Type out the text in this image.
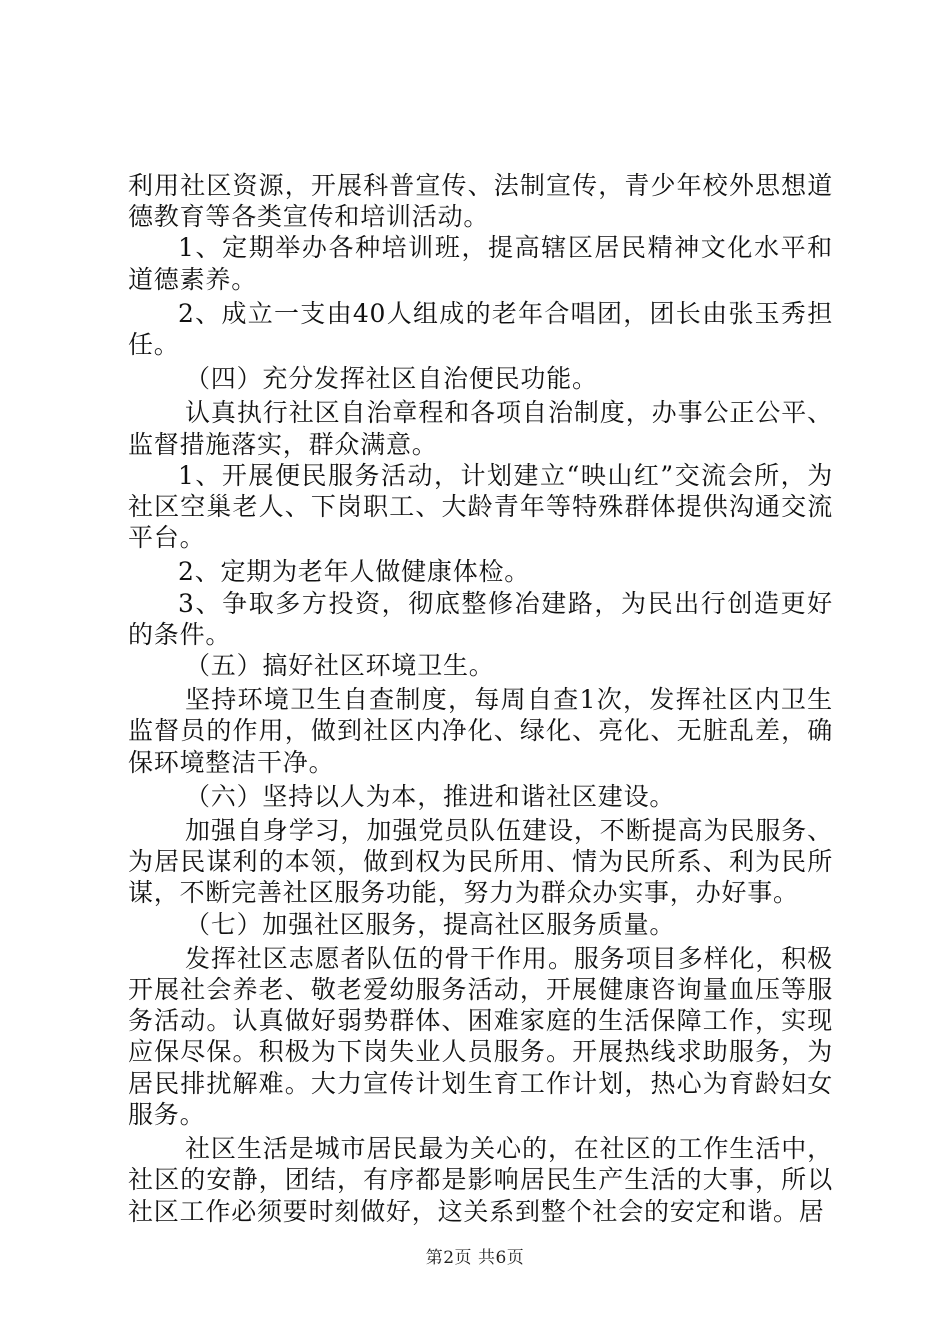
利用社区资源，开展科普宣传、法制宣传，青少年校外思想道德教育等各类宣传和培训活动。

1、定期举办各种培训班，提高辖区居民精神文化水平和道德素养。

2、成立一支由40人组成的老年合唱团，团长由张玉秀担任。

（四）充分发挥社区自治便民功能。

认真执行社区自治章程和各项自治制度，办事公正公平、监督措施落实，群众满意。

1、开展便民服务活动，计划建立“映山红”交流会所，为社区空巢老人、下岗职工、大龄青年等特殊群体提供沟通交流平台。

2、定期为老年人做健康体检。

3、争取多方投资，彻底整修冶建路，为民出行创造更好的条件。

（五）搞好社区环境卫生。

坚持环境卫生自查制度，每周自查1次，发挥社区内卫生监督员的作用，做到社区内净化、绿化、亮化、无脏乱差，确保环境整洁干净。

（六）坚持以人为本，推进和谐社区建设。

加强自身学习，加强党员队伍建设，不断提高为民服务、为居民谋利的本领，做到权为民所用、情为民所系、利为民所谋，不断完善社区服务功能，努力为群众办实事，办好事。

（七）加强社区服务，提高社区服务质量。

发挥社区志愿者队伍的骨干作用。服务项目多样化，积极开展社会养老、敬老爱幼服务活动，开展健康咨询量血压等服务活动。认真做好弱势群体、困难家庭的生活保障工作，实现应保尽保。积极为下岗失业人员服务。开展热线求助服务，为居民排扰解难。大力宣传计划生育工作计划，热心为育龄妇女服务。

社区生活是城市居民最为关心的，在社区的工作生活中，社区的安静，团结，有序都是影响居民生产生活的大事，所以社区工作必须要时刻做好，这关系到整个社会的安定和谐。居

第2页 共6页
